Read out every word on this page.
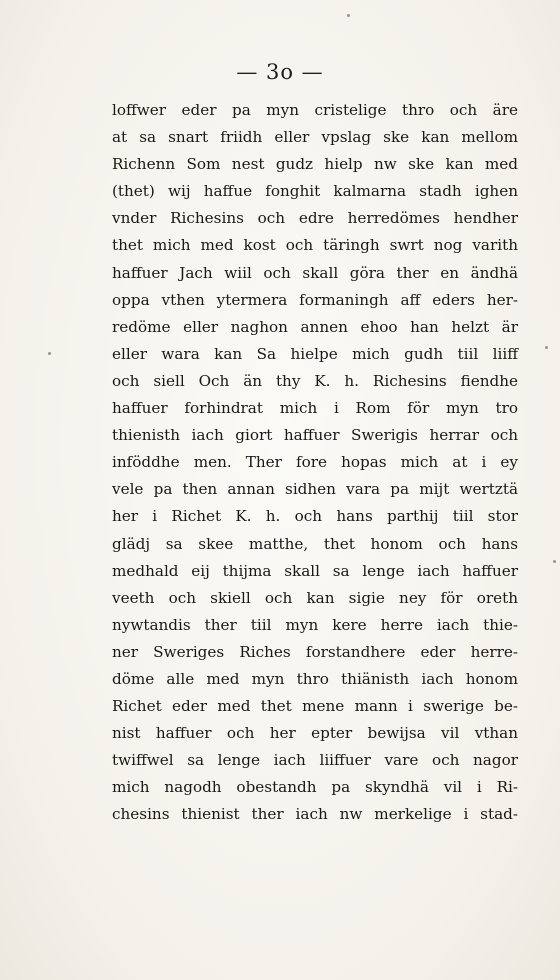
— 3o —
loffwer eder pa myn cristelige thro och äre
at sa snart friidh eller vpslag ske kan mellom
Richenn Som nest gudz hielp nw ske kan med
(thet) wij haffue fonghit kalmarna stadh ighen
vnder Richesins och edre herredömes hendher
thet mich med kost och täringh swrt nog varith
haffuer Jach wiil och skall göra ther en ändhä
oppa vthen ytermera formaningh aff eders her-
redöme eller naghon annen ehoo han helzt är
eller wara kan Sa hielpe mich gudh tiil liiff
och siell Och än thy K. h. Richesins fiendhe
haffuer forhindrat mich i Rom för myn tro
thienisth iach giort haffuer Swerigis herrar och
inföddhe men. Ther fore hopas mich at i ey
vele pa then annan sidhen vara pa mijt wertztä
her i Richet K. h. och hans parthij tiil stor
glädj sa skee matthe, thet honom och hans
medhald eij thijma skall sa lenge iach haffuer
veeth och skiell och kan sigie ney för oreth
nywtandis ther tiil myn kere herre iach thie-
ner Sweriges Riches forstandhere eder herre-
döme alle med myn thro thiänisth iach honom
Richet eder med thet mene mann i swerige be-
nist haffuer och her epter bewijsa vil vthan
twiffwel sa lenge iach liiffuer vare och nagor
mich nagodh obestandh pa skyndhä vil i Ri-
chesins thienist ther iach nw merkelige i stad-
